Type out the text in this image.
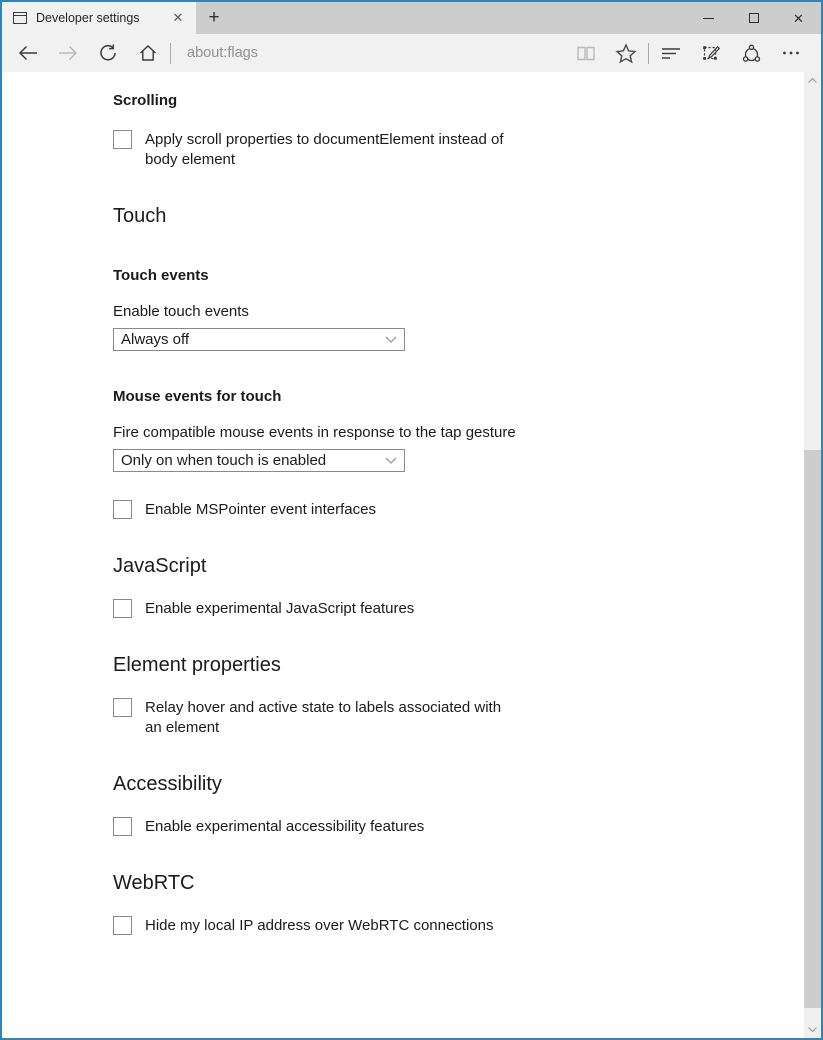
Developer settings	✕	+	✕
about:flags
Scrolling
Apply scroll properties to documentElement instead of body element
Touch
Touch events
Enable touch events
Always off
Mouse events for touch
Fire compatible mouse events in response to the tap gesture
Only on when touch is enabled
Enable MSPointer event interfaces
JavaScript
Enable experimental JavaScript features
Element properties
Relay hover and active state to labels associated with an element
Accessibility
Enable experimental accessibility features
WebRTC
Hide my local IP address over WebRTC connections
